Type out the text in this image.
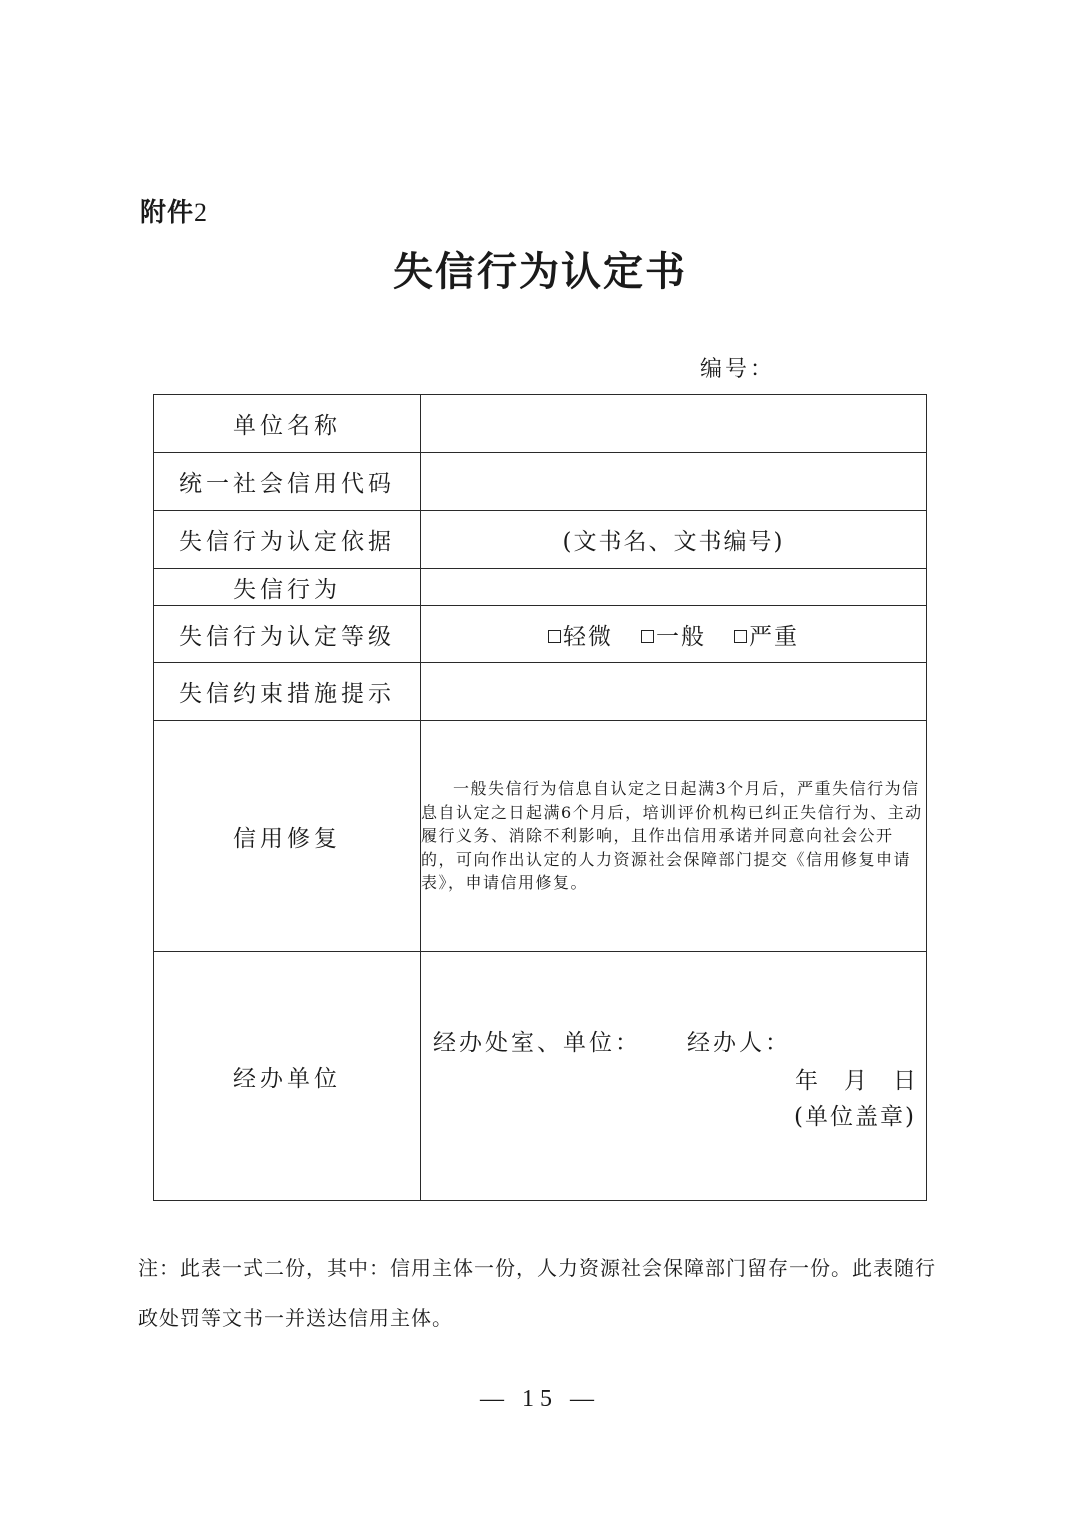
附件2
失信行为认定书
编号：
单位名称	
统一社会信用代码	
失信行为认定依据	(文书名、文书编号)
失信行为	
失信行为认定等级	轻微 一般 严重

失信约束措施提示	
信用修复	一般失信行为信息自认定之日起满3个月后，严重失信行为信息自认定之日起满6个月后，培训评价机构已纠正失信行为、主动履行义务、消除不利影响，且作出信用承诺并同意向社会公开的，可向作出认定的人力资源社会保障部门提交《信用修复申请表》，申请信用修复。

经办单位	经办处室、单位： 经办人：
年 月 日
(单位盖章)
注：此表一式二份，其中：信用主体一份，人力资源社会保障部门留存一份。此表随行政处罚等文书一并送达信用主体。
— 15 —
